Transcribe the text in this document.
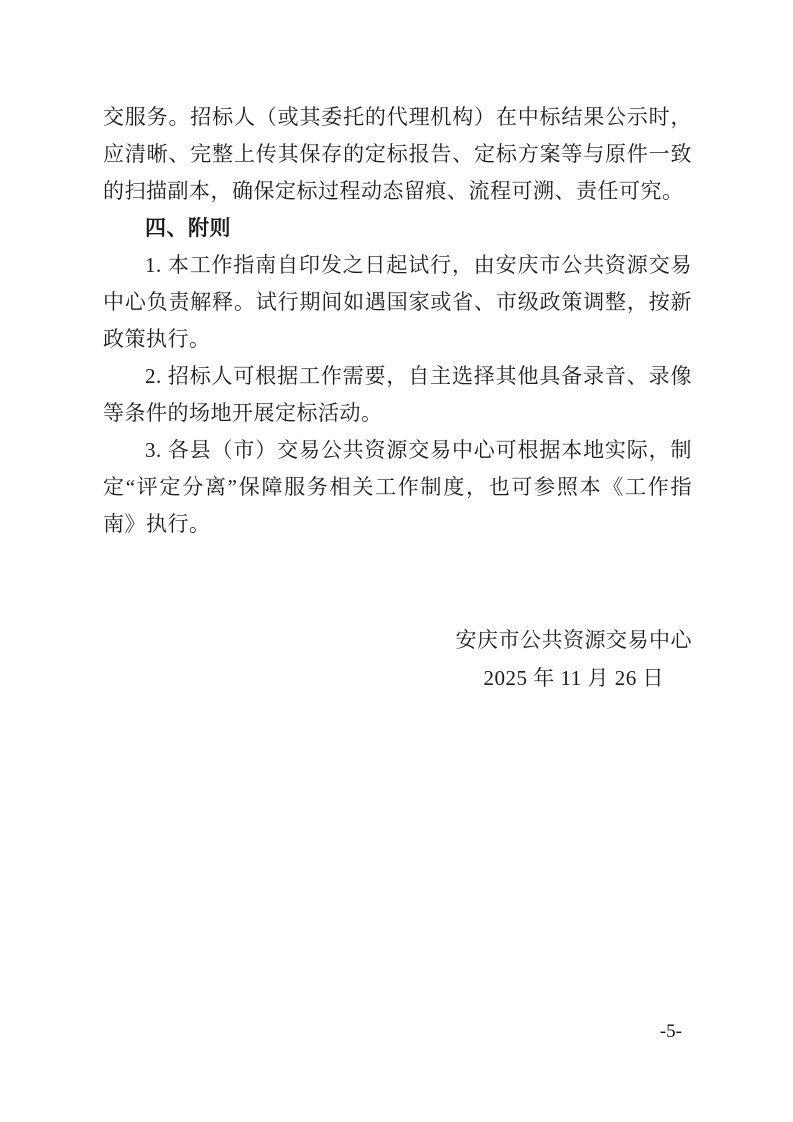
交服务。招标人（或其委托的代理机构）在中标结果公示时，应清晰、完整上传其保存的定标报告、定标方案等与原件一致的扫描副本，确保定标过程动态留痕、流程可溯、责任可究。

四、附则

1. 本工作指南自印发之日起试行，由安庆市公共资源交易中心负责解释。试行期间如遇国家或省、市级政策调整，按新政策执行。

2. 招标人可根据工作需要，自主选择其他具备录音、录像等条件的场地开展定标活动。

3. 各县（市）交易公共资源交易中心可根据本地实际，制定“评定分离”保障服务相关工作制度，也可参照本《工作指南》执行。

安庆市公共资源交易中心
2025 年 11 月 26 日
-5-
